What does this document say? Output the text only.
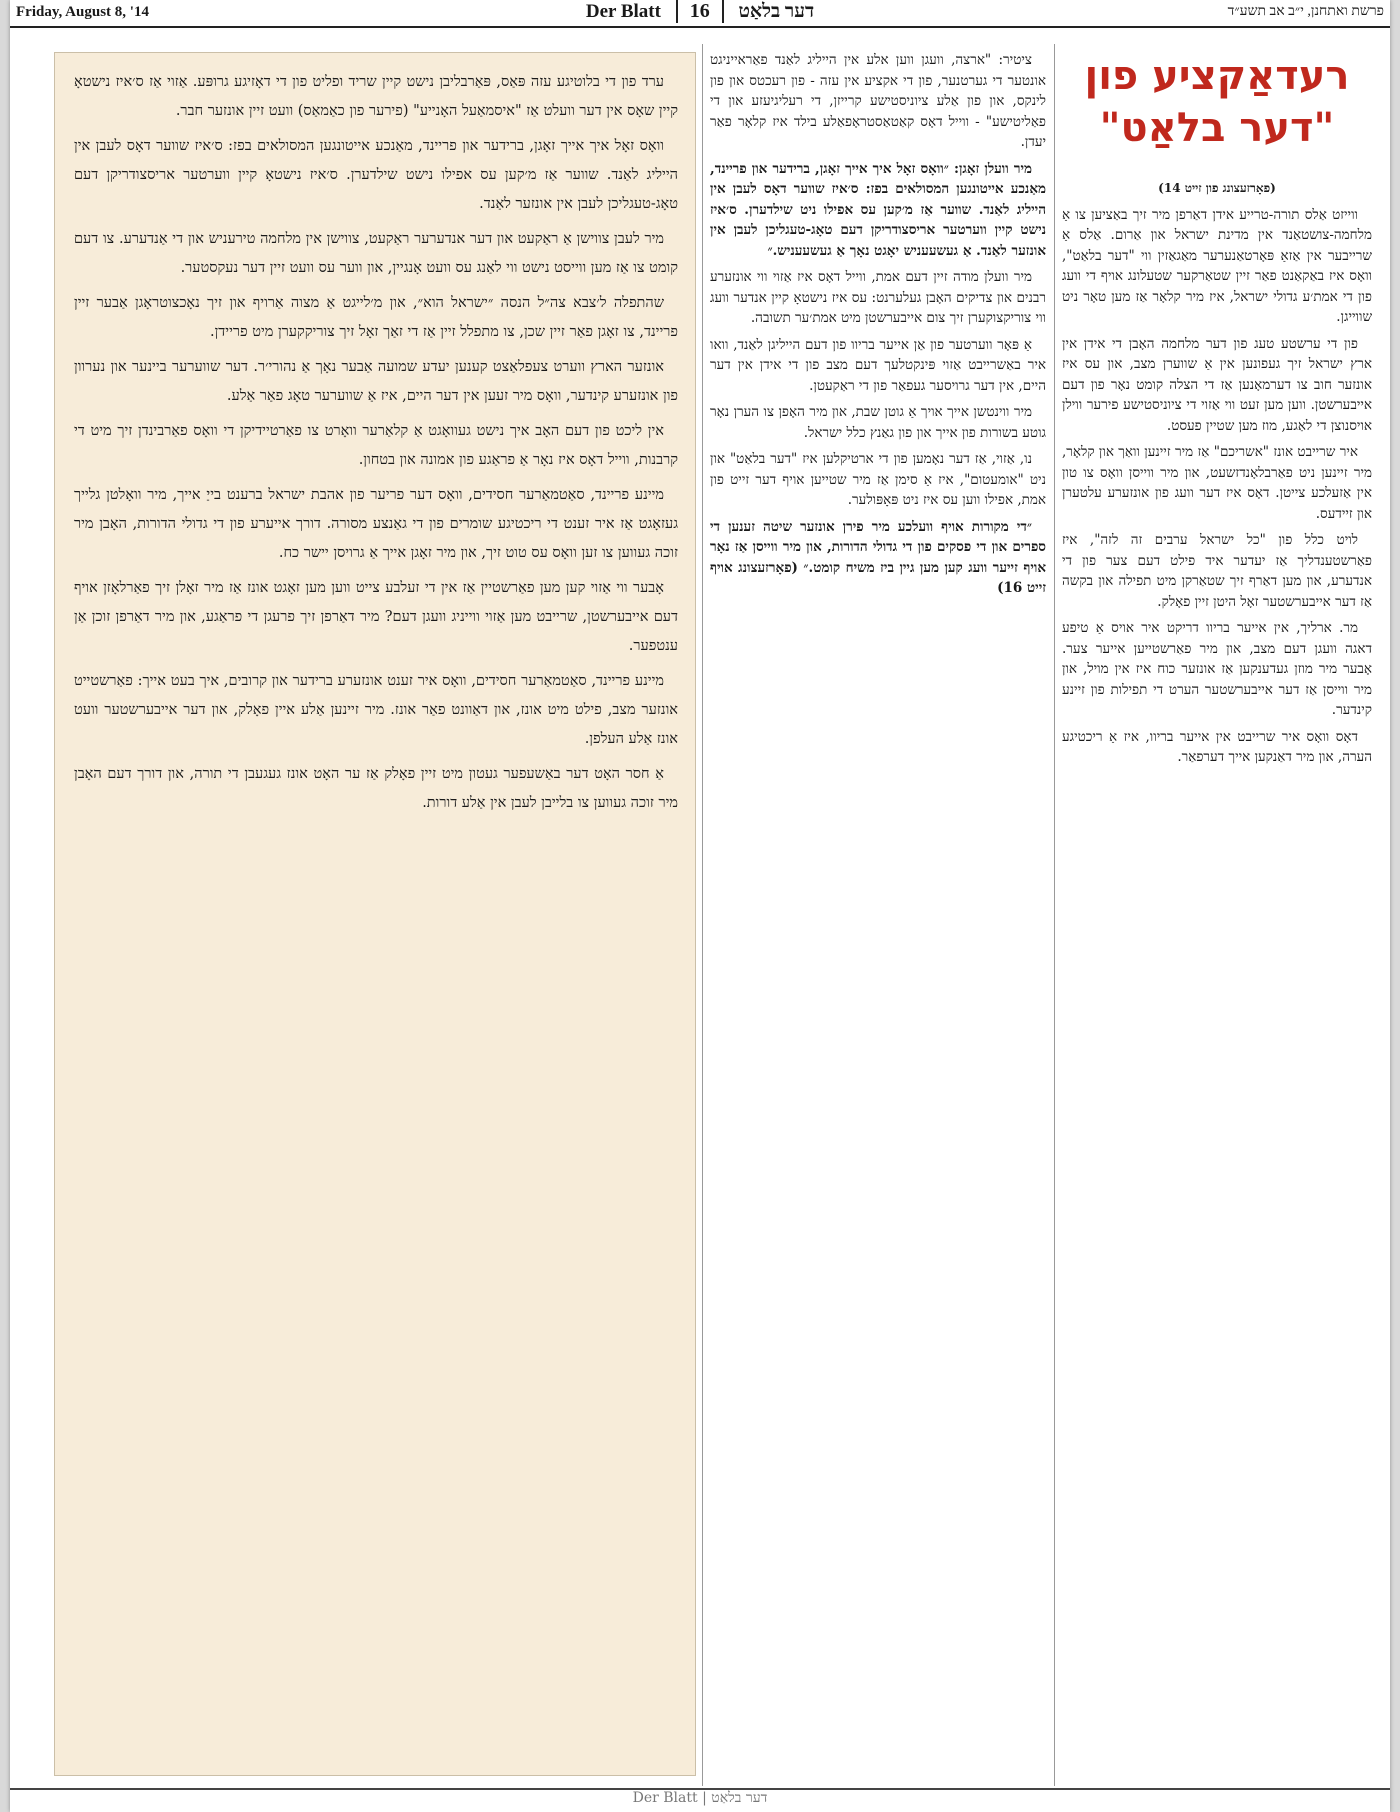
Friday, August 8, '14	Der Blatt 16 דער בלאַט	פרשת ואתחנן, י״ב אב תשע״ד

ערד פון די בלוטיגע עזה פּאַס, פּאַרבליבן נישט קיין שריד ופליט פון די דאָזיגע גרופּע. אַזוי אַז ס׳איז נישטאָ קיין שאָס אין דער וועלט אַז "איסמאַעל האָנייע" (פירער פון כאַמאַס) וועט זיין אונזער חבר.

וואָס זאָל איך אייך זאָגן, ברידער און פריינד, מאַנכע אייטונגען המסולאים בפז: ס׳איז שווער דאָס לעבן אין הייליג לאַנד. שווער אַז מ׳קען עס אפילו נישט שילדערן. ס׳איז נישטאָ קיין ווערטער אריסצודריקן דעם טאָג-טעגליכן לעבן אין אונזער לאַנד.

מיר לעבן צווישן אַ ראַקעט און דער אנדערער ראַקעט, צווישן אין מלחמה טירעניש און די אַנדערע. צו דעם קומט צו אַז מען ווייסט נישט ווי לאַנג עס וועט אָנגיין, און ווער עס וועט זיין דער נעקסטער.

שהתפלה ל׳צבא צה״ל הנסה ״ישראל הוא״, און מ׳לייגט אַ מצוה אַרויף און זיך נאָכצוטראָגן אַבער זיין פריינד, צו זאָגן פאַר זיין שכן, צו מתפלל זיין אַז די זאַך זאָל זיך צוריקקערן מיט פריידן.

אונזער הארץ ווערט צעפלאַצט קענען יעדע שמועה אַבער נאָך אַ נהורי׳ר. דער שווערער ביינער און נערוון פון אונזערע קינדער, וואָס מיר זעען אין דער היים, איז אַ שווערער טאָג פאַר אַלע.

אין ליכט פון דעם האָב איך נישט געוואָגט אַ קלאַרער וואָרט צו פאַרטיידיקן די וואָס פאַרבינדן זיך מיט די קרבנות, ווייל דאָס איז נאָר אַ פראַגע פון אמונה און בטחון.

מיינע פריינד, סאַטמאַרער חסידים, וואָס דער פריער פון אהבת ישראל ברענט בייַ אייך, מיר וואָלטן גלייך געזאָגט אַז איר זענט די ריכטיגע שומרים פון די גאַנצע מסורה. דורך אייערע פון די גדולי הדורות, האָבן מיר זוכה געווען צו זען וואָס עס טוט זיך, און מיר זאָגן אייך אַ גרויסן יישר כח.

אָבער ווי אַזוי קען מען פאַרשטיין אַז אין די זעלבע צייט ווען מען זאָגט אונז אַז מיר זאָלן זיך פאַרלאָזן אויף דעם אייבערשטן, שרייבט מען אַזוי ווייניג וועגן דעם? מיר דאַרפן זיך פרעגן די פראַגע, און מיר דאַרפן זוכן אַן ענטפער.

מיינע פריינד, סאַטמאַרער חסידים, וואָס איר זענט אונזערע ברידער און קרובים, איך בעט אייך: פאַרשטייט אונזער מצב, פילט מיט אונז, און דאַוונט פאַר אונז. מיר זיינען אַלע איין פאָלק, און דער אייבערשטער וועט אונז אַלע העלפן.

אַ חסר האָט דער באַשעפער געטון מיט זיין פאָלק אַז ער האָט אונז געגעבן די תורה, און דורך דעם האָבן מיר זוכה געווען צו בלייבן לעבן אין אַלע דורות.

ציטיר: "ארצה, וועגן ווען אלע אין הייליג לאַנד פאַראייניגט אונטער די גערטנער, פון די אקציע אין עזה - פון רעכטס און פון לינקס, און פון אַלע ציוניסטישע קרייזן, די רעליגיעזע און די פאַליטישע" - ווייל דאָס קאַטאַסטראָפאַלע בילד איז קלאָר פאַר יעדן.

מיר וועלן זאָגן: ״וואָס זאָל איך אייך זאָגן, ברידער און פריינד, מאַנכע אייטונגען המסולאים בפז: ס׳איז שווער דאָס לעבן אין הייליג לאַנד. שווער אַז מ׳קען עס אפילו ניט שילדערן. ס׳איז נישט קיין ווערטער אריסצודריקן דעם טאָג-טעגליכן לעבן אין אונזער לאַנד. אַ געשעעניש יאָגט נאָך אַ געשעעניש.״

מיר וועלן מודה זיין דעם אמת, ווייל דאָס איז אַזוי ווי אונזערע רבנים און צדיקים האָבן געלערנט: עס איז נישטאָ קיין אנדער וועג ווי צוריקצוקערן זיך צום אייבערשטן מיט אמת׳ער תשובה.

אַ פּאָר ווערטער פון אַן אייער בריוו פון דעם הייליגן לאַנד, וואו איר באַשרייבט אַזוי פּינקטלעך דעם מצב פון די אידן אין דער היים, אין דער גרויסער געפאַר פון די ראַקעטן.

מיר ווינטשן אייך אויך אַ גוטן שבת, און מיר האָפן צו הערן נאָר גוטע בשורות פון אייך און פון גאַנץ כלל ישראל.

נו, אַזוי, אַז דער נאָמען פון די ארטיקלען איז "דער בלאַט" און ניט "אומעטום", איז אַ סימן אַז מיר שטייען אויף דער זייט פון אמת, אפילו ווען עס איז ניט פּאָפּולער.

״די מקורות אויף וועלכע מיר פירן אונזער שיטה זענען די ספרים און די פסקים פון די גדולי הדורות, און מיר ווייסן אַז נאָר אויף זייער וועג קען מען גיין ביז משיח קומט.״ (פאָרזעצונג אויף זייט 16)

רעדאַקציע פון "דער בלאַט"
(פאָרזעצונג פון זייט 14)

ווייזט אַלס תורה-טרייע אידן דאַרפן מיר זיך באַציען צו אַ מלחמה-צושטאַנד אין מדינת ישראל און אַרום. אַלס אַ שרייבער אין אַזאַ פּאָרטאַנערער מאַגאַזין ווי "דער בלאַט", וואָס איז באַקאַנט פאַר זיין שטאַרקער שטעלונג אויף די וועג פון די אמת׳ע גדולי ישראל, איז מיר קלאָר אַז מען טאָר ניט שווייגן.

פון די ערשטע טעג פון דער מלחמה האָבן די אידן אין ארץ ישראל זיך געפונען אין אַ שווערן מצב, און עס איז אונזער חוב צו דערמאָנען אַז די הצלה קומט נאָר פון דעם אייבערשטן. ווען מען זעט ווי אַזוי די ציוניסטישע פירער ווילן אויסנוצן די לאַגע, מוז מען שטיין פעסט.

איר שרייבט אונז "אשריכם" אַז מיר זיינען וואַך און קלאָר, מיר זיינען ניט פאַרבלאָנדזשעט, און מיר ווייסן וואָס צו טון אין אַזעלכע צייטן. דאָס איז דער וועג פון אונזערע עלטערן און זיידעס.

לויט כלל פון "כל ישראל ערבים זה לזה", איז פאַרשטענדליך אַז יעדער איד פילט דעם צער פון די אנדערע, און מען דאַרף זיך שטאַרקן מיט תפילה און בקשה אַז דער אייבערשטער זאָל היטן זיין פאָלק.

מר. ארליך, אין אייער בריוו דריקט איר אויס אַ טיפע דאגה וועגן דעם מצב, און מיר פאַרשטייען אייער צער. אָבער מיר מוזן געדענקען אַז אונזער כוח איז אין מויל, און מיר ווייסן אַז דער אייבערשטער הערט די תפילות פון זיינע קינדער.

דאָס וואָס איר שרייבט אין אייער בריוו, איז אַ ריכטיגע הערה, און מיר דאַנקען אייך דערפאַר.

Der Blatt | דער בלאַט
